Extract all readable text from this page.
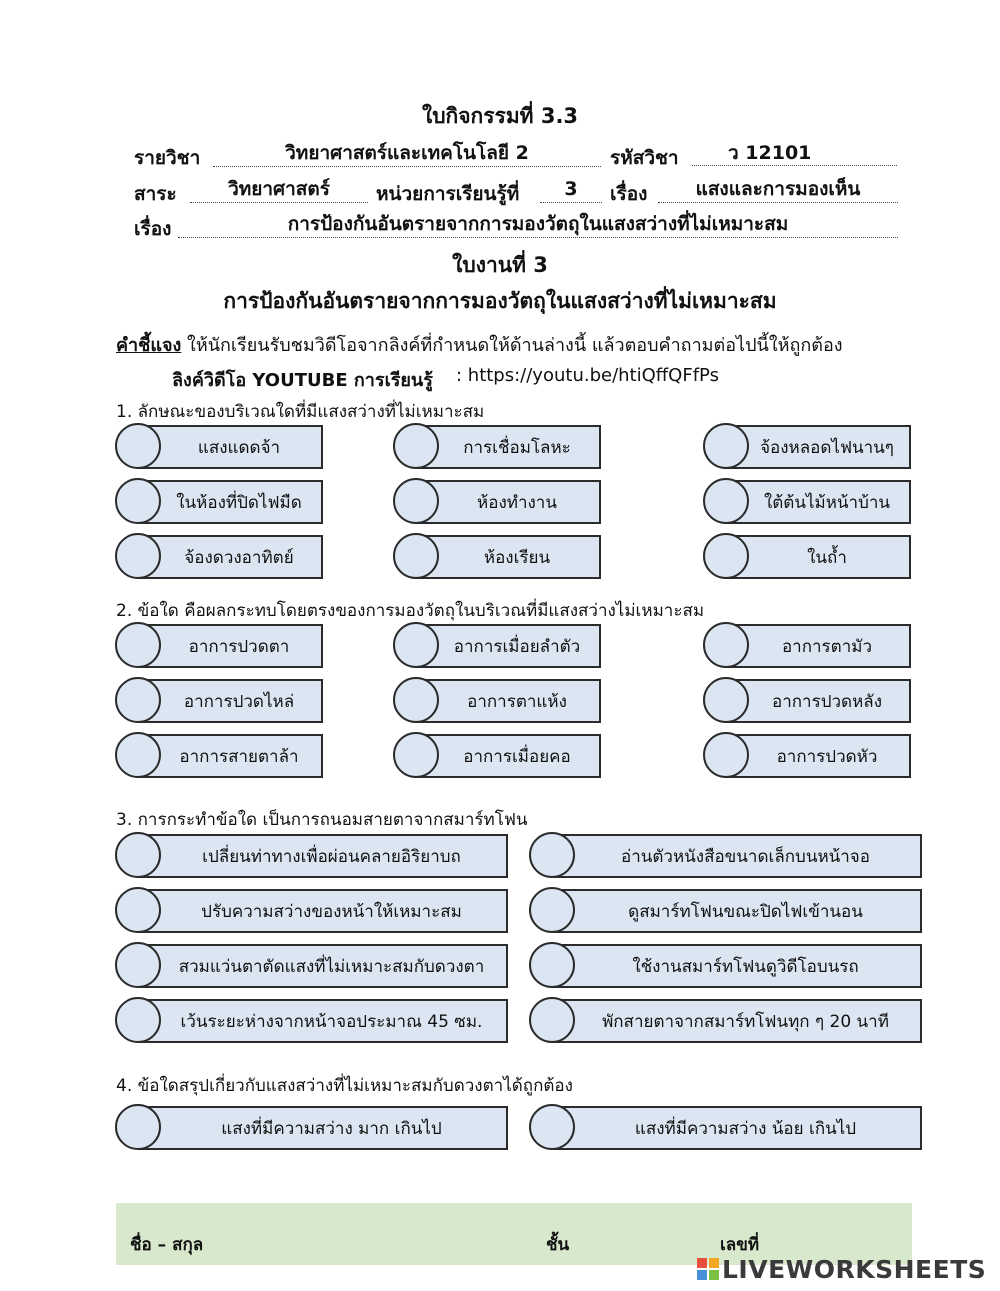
ใบกิจกรรมที่ 3.3
รายวิชา	วิทยาศาสตร์และเทคโนโลยี 2	รหัสวิชา	ว 12101
สาระ	วิทยาศาสตร์	หน่วยการเรียนรู้ที่	3	เรื่อง	แสงและการมองเห็น
เรื่อง	การป้องกันอันตรายจากการมองวัตถุในแสงสว่างที่ไม่เหมาะสม
ใบงานที่ 3
การป้องกันอันตรายจากการมองวัตถุในแสงสว่างที่ไม่เหมาะสม
คำชี้แจง ให้นักเรียนรับชมวิดีโอจากลิงค์ที่กำหนดให้ด้านล่างนี้ แล้วตอบคำถามต่อไปนี้ให้ถูกต้อง
ลิงค์วิดีโอ YOUTUBE การเรียนรู้ : https://youtu.be/htiQffQFfPs
1. ลักษณะของบริเวณใดที่มีแสงสว่างที่ไม่เหมาะสม
แสงแดดจ้า	การเชื่อมโลหะ	จ้องหลอดไฟนานๆ
ในห้องที่ปิดไฟมืด	ห้องทำงาน	ใต้ต้นไม้หน้าบ้าน
จ้องดวงอาทิตย์	ห้องเรียน	ในถ้ำ
2. ข้อใด คือผลกระทบโดยตรงของการมองวัตถุในบริเวณที่มีแสงสว่างไม่เหมาะสม
อาการปวดตา	อาการเมื่อยลำตัว	อาการตามัว
อาการปวดไหล่	อาการตาแห้ง	อาการปวดหลัง
อาการสายตาล้า	อาการเมื่อยคอ	อาการปวดหัว
3. การกระทำข้อใด เป็นการถนอมสายตาจากสมาร์ทโฟน
เปลี่ยนท่าทางเพื่อผ่อนคลายอิริยาบถ	อ่านตัวหนังสือขนาดเล็กบนหน้าจอ
ปรับความสว่างของหน้าให้เหมาะสม	ดูสมาร์ทโฟนขณะปิดไฟเข้านอน
สวมแว่นตาตัดแสงที่ไม่เหมาะสมกับดวงตา	ใช้งานสมาร์ทโฟนดูวิดีโอบนรถ
เว้นระยะห่างจากหน้าจอประมาณ 45 ซม.	พักสายตาจากสมาร์ทโฟนทุก ๆ 20 นาที
4. ข้อใดสรุปเกี่ยวกับแสงสว่างที่ไม่เหมาะสมกับดวงตาได้ถูกต้อง
แสงที่มีความสว่าง มาก เกินไป	แสงที่มีความสว่าง น้อย เกินไป
ชื่อ – สกุล	ชั้น	เลขที่
LIVEWORKSHEETS
